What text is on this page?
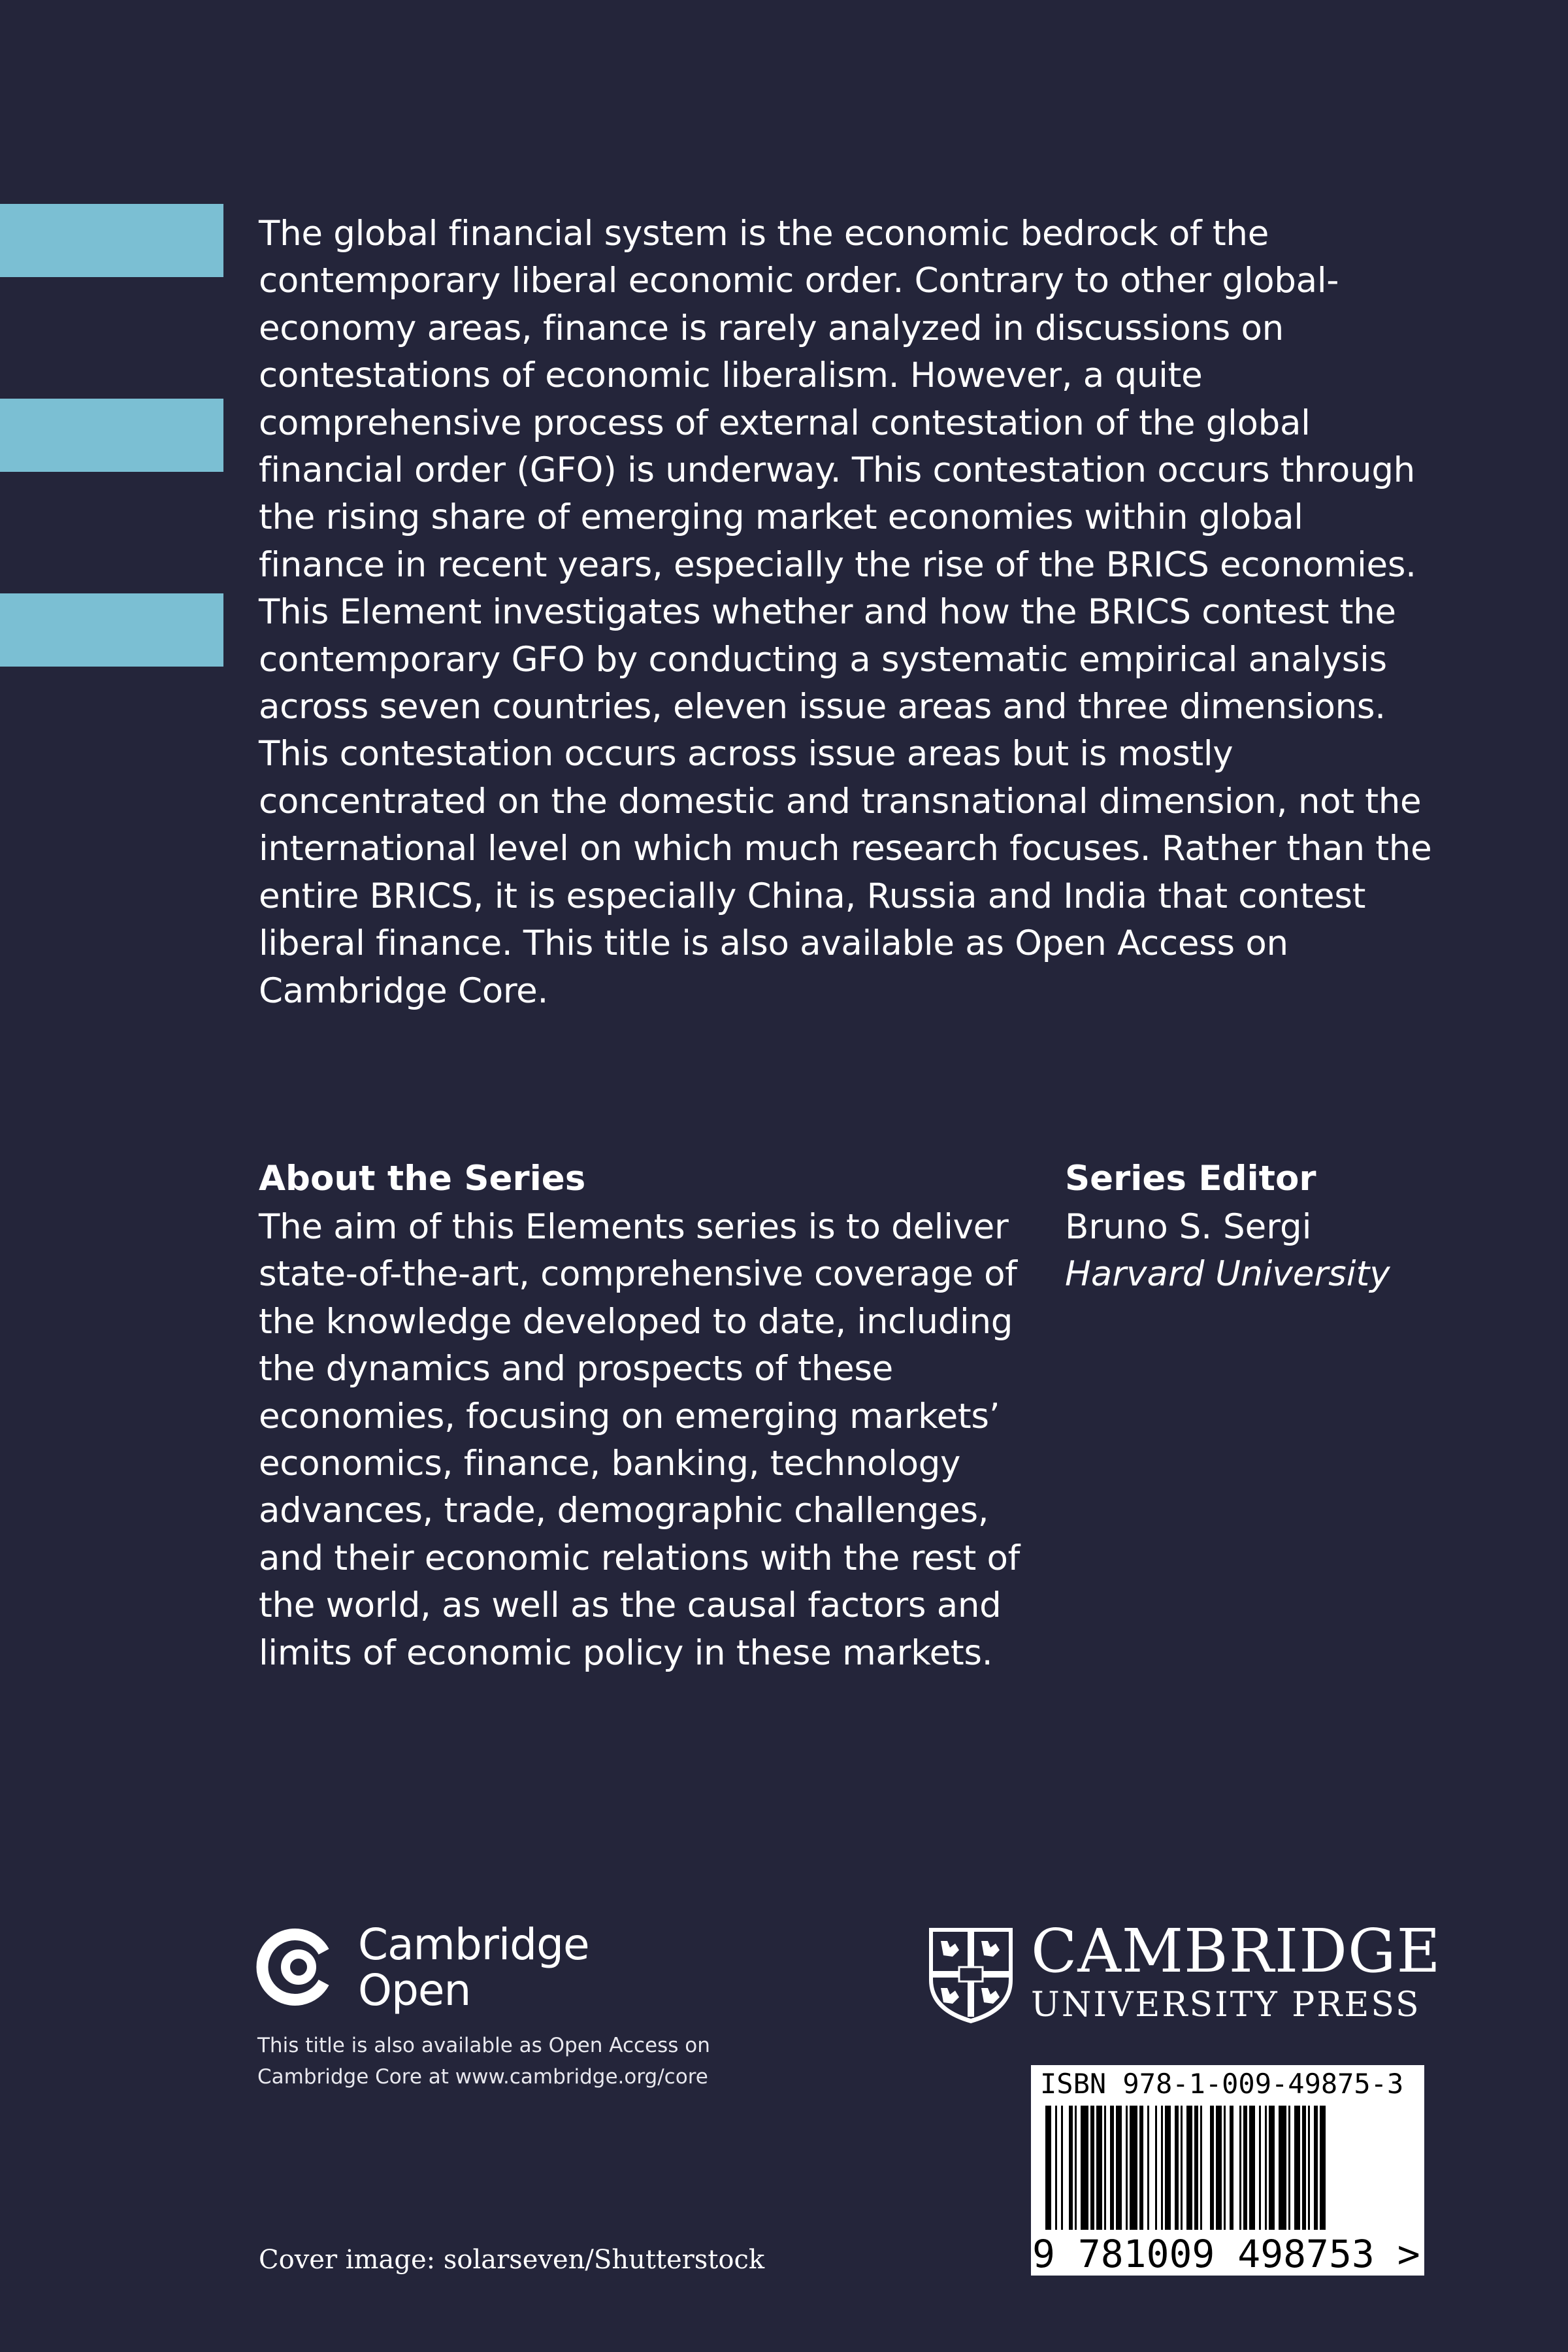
The global financial system is the economic bedrock of the contemporary liberal economic order. Contrary to other global-economy areas, finance is rarely analyzed in discussions on contestations of economic liberalism. However, a quite comprehensive process of external contestation of the global financial order (GFO) is underway. This contestation occurs through the rising share of emerging market economies within global finance in recent years, especially the rise of the BRICS economies. This Element investigates whether and how the BRICS contest the contemporary GFO by conducting a systematic empirical analysis across seven countries, eleven issue areas and three dimensions. This contestation occurs across issue areas but is mostly concentrated on the domestic and transnational dimension, not the international level on which much research focuses. Rather than the entire BRICS, it is especially China, Russia and India that contest liberal finance. This title is also available as Open Access on Cambridge Core.

About the Series

The aim of this Elements series is to deliver state-of-the-art, comprehensive coverage of the knowledge developed to date, including the dynamics and prospects of these economies, focusing on emerging markets’ economics, finance, banking, technology advances, trade, demographic challenges, and their economic relations with the rest of the world, as well as the causal factors and limits of economic policy in these markets.

Series Editor

Bruno S. Sergi

Harvard University

Cambridge
Open
This title is also available as Open Access on
Cambridge Core at www.cambridge.org/core
CAMBRIDGE
UNIVERSITY PRESS
ISBN 978-1-009-49875-3
9 781009 498753 >
Cover image: solarseven/Shutterstock
